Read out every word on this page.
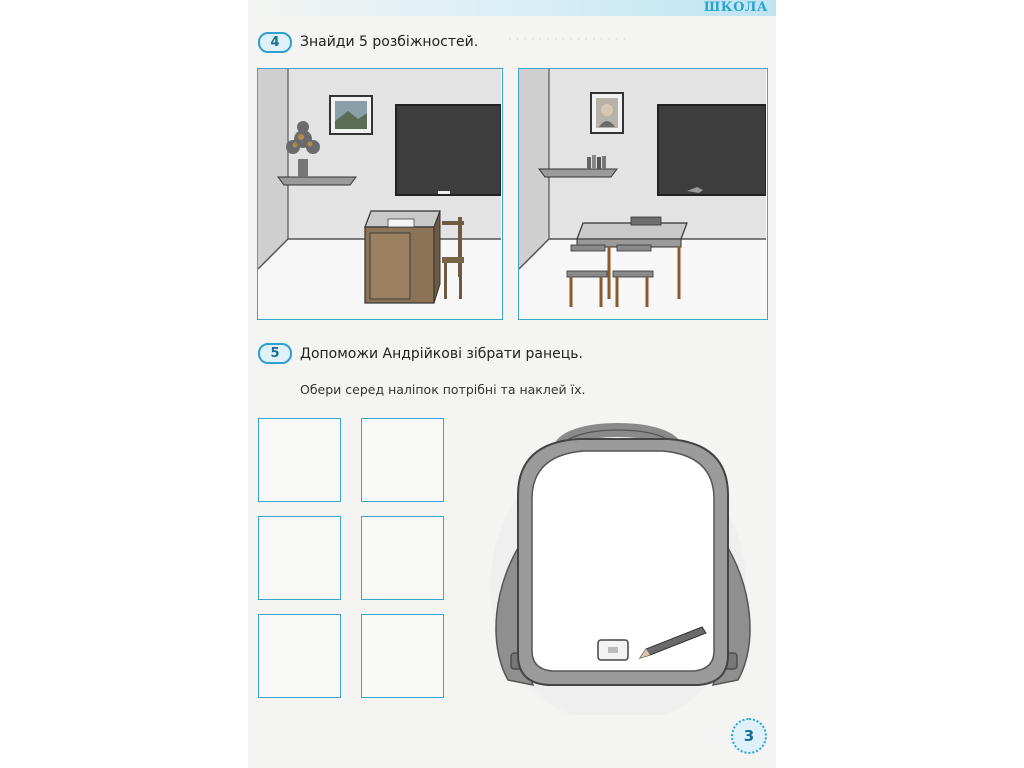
ШКОЛА
· · · · · · · · · · · · · · · ·
4	Знайди 5 розбіжностей.
5	Допоможи Андрійкові зібрати ранець.
Обери серед наліпок потрібні та наклей їх.
3
